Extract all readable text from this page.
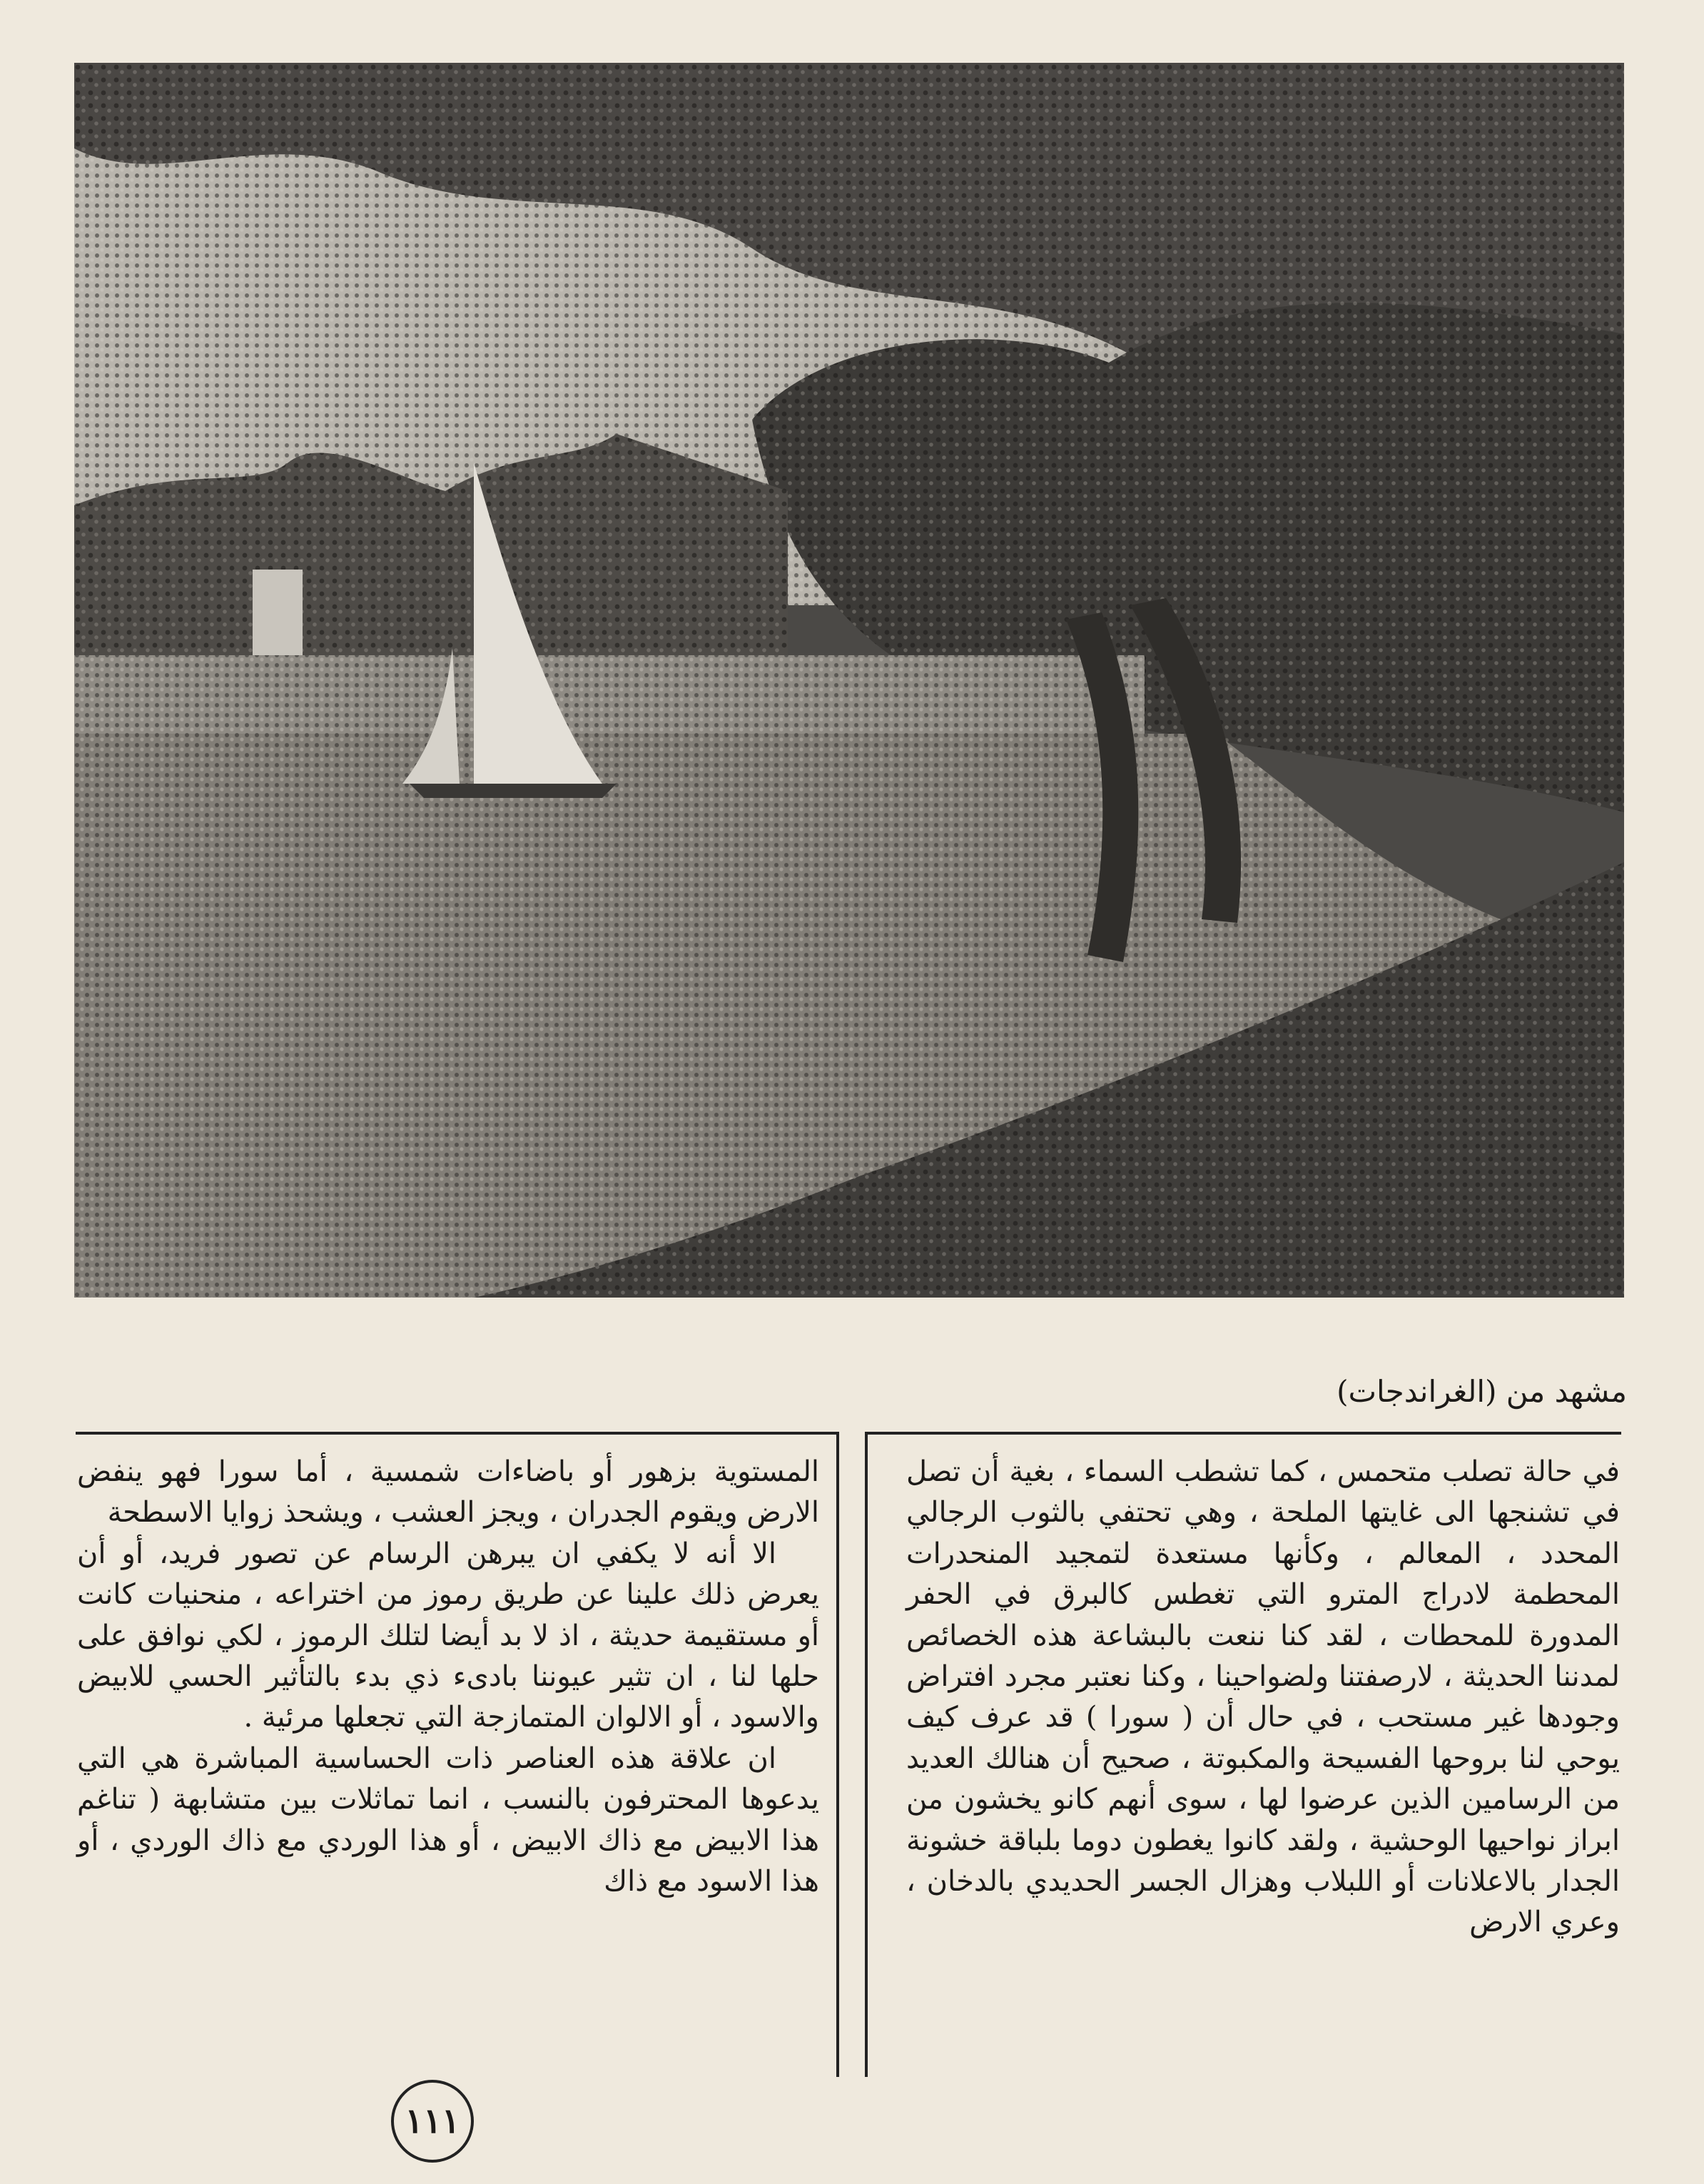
مشهد من (الغراندجات)

في حالة تصلب متحمس ، كما تشطب السماء ، بغية أن تصل في تشنجها الى غايتها الملحة ، وهي تحتفي بالثوب الرجالي المحدد ، المعالم ، وكأنها مستعدة لتمجيد المنحدرات المحطمة لادراج المترو التي تغطس كالبرق في الحفر المدورة للمحطات ، لقد كنا ننعت بالبشاعة هذه الخصائص لمدننا الحديثة ، لارصفتنا ولضواحينا ، وكنا نعتبر مجرد افتراض وجودها غير مستحب ، في حال أن ( سورا ) قد عرف كيف يوحي لنا بروحها الفسيحة والمكبوتة ، صحيح أن هنالك العديد من الرسامين الذين عرضوا لها ، سوى أنهم كانو يخشون من ابراز نواحيها الوحشية ، ولقد كانوا يغطون دوما بلباقة خشونة الجدار بالاعلانات أو اللبلاب وهزال الجسر الحديدي بالدخان ، وعري الارض

المستوية بزهور أو باضاءات شمسية ، أما سورا فهو ينفض الارض ويقوم الجدران ، ويجز العشب ، ويشحذ زوايا الاسطحة

الا أنه لا يكفي ان يبرهن الرسام عن تصور فريد، أو أن يعرض ذلك علينا عن طريق رموز من اختراعه ، منحنيات كانت أو مستقيمة حديثة ، اذ لا بد أيضا لتلك الرموز ، لكي نوافق على حلها لنا ، ان تثير عيوننا بادىء ذي بدء بالتأثير الحسي للابيض والاسود ، أو الالوان المتمازجة التي تجعلها مرئية .

ان علاقة هذه العناصر ذات الحساسية المباشرة هي التي يدعوها المحترفون بالنسب ، انما تماثلات بين متشابهة ( تناغم هذا الابيض مع ذاك الابيض ، أو هذا الوردي مع ذاك الوردي ، أو هذا الاسود مع ذاك

١١١
